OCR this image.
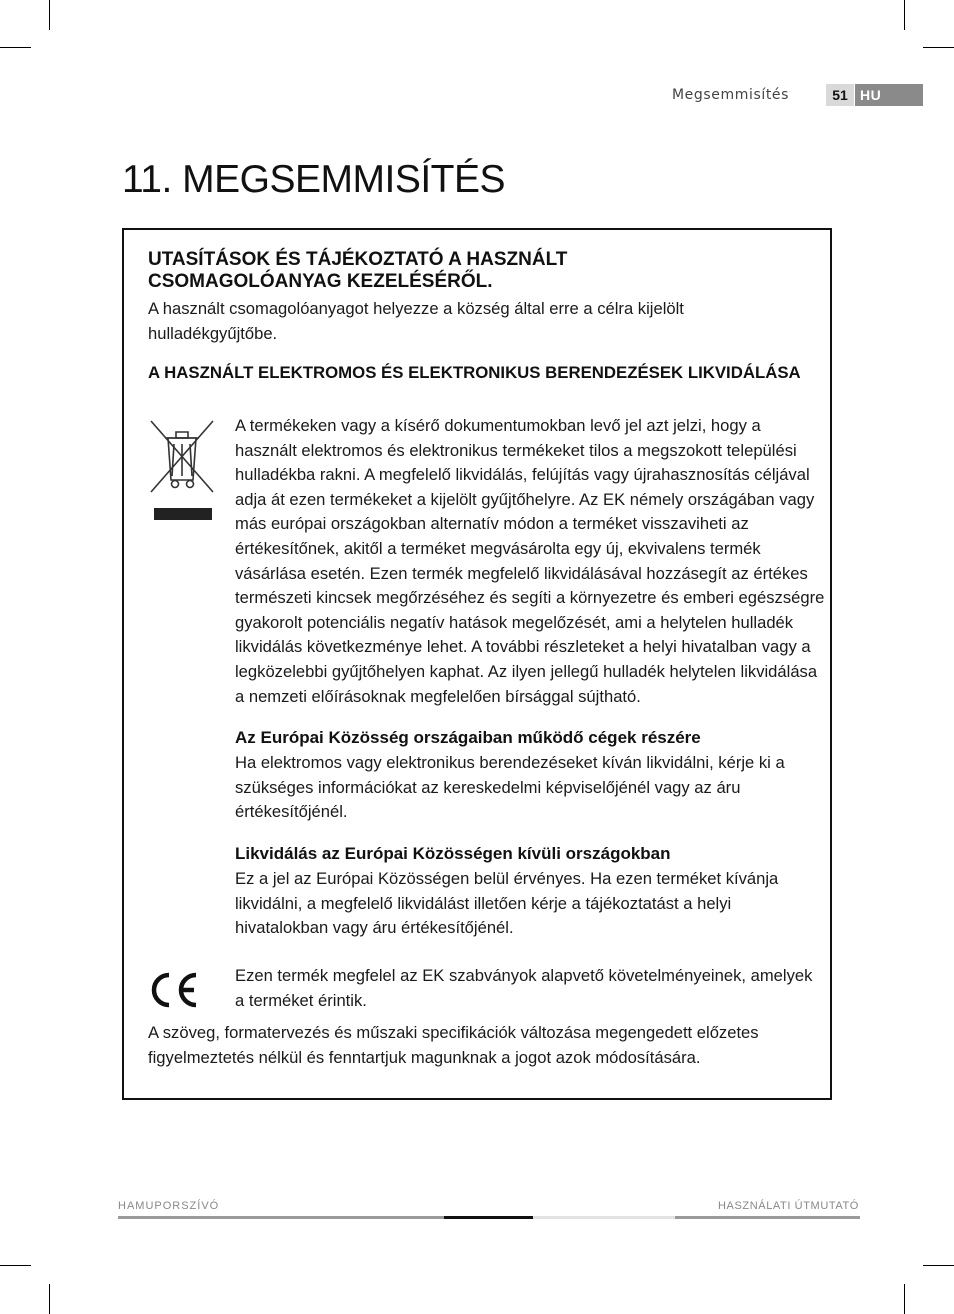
Megsemmisítés	51 HU
11. MEGSEMMISÍTÉS
UTASÍTÁSOK ÉS TÁJÉKOZTATÓ A HASZNÁLT CSOMAGOLÓANYAG KEZELÉSÉRŐL.
A használt csomagolóanyagot helyezze a község által erre a célra kijelölt hulladékgyűjtőbe.
A HASZNÁLT ELEKTROMOS ÉS ELEKTRONIKUS BERENDEZÉSEK LIKVIDÁLÁSA
A termékeken vagy a kísérő dokumentumokban levő jel azt jelzi, hogy a használt elektromos és elektronikus termékeket tilos a megszokott települési hulladékba rakni. A megfelelő likvidálás, felújítás vagy újrahasznosítás céljával adja át ezen termékeket a kijelölt gyűjtőhelyre. Az EK némely országában vagy más európai országokban alternatív módon a terméket visszaviheti az értékesítőnek, akitől a terméket megvásárolta egy új, ekvivalens termék vásárlása esetén. Ezen termék megfelelő likvidálásával hozzásegít az értékes természeti kincsek megőrzéséhez és segíti a környezetre és emberi egészségre gyakorolt potenciális negatív hatások megelőzését, ami a helytelen hulladék likvidálás következménye lehet. A további részleteket a helyi hivatalban vagy a legközelebbi gyűjtőhelyen kaphat. Az ilyen jellegű hulladék helytelen likvidálása a nemzeti előírásoknak megfelelően bírsággal sújtható.
Az Európai Közösség országaiban működő cégek részére
Ha elektromos vagy elektronikus berendezéseket kíván likvidálni, kérje ki a szükséges információkat az kereskedelmi képviselőjénél vagy az áru értékesítőjénél.
Likvidálás az Európai Közösségen kívüli országokban
Ez a jel az Európai Közösségen belül érvényes. Ha ezen terméket kívánja likvidálni, a megfelelő likvidálást illetően kérje a tájékoztatást a helyi hivatalokban vagy áru értékesítőjénél.
Ezen termék megfelel az EK szabványok alapvető követelményeinek, amelyek a terméket érintik.
A szöveg, formatervezés és műszaki specifikációk változása megengedett előzetes figyelmeztetés nélkül és fenntartjuk magunknak a jogot azok módosítására.
HAMUPORSZÍVÓ	HASZNÁLATI ÚTMUTATÓ
